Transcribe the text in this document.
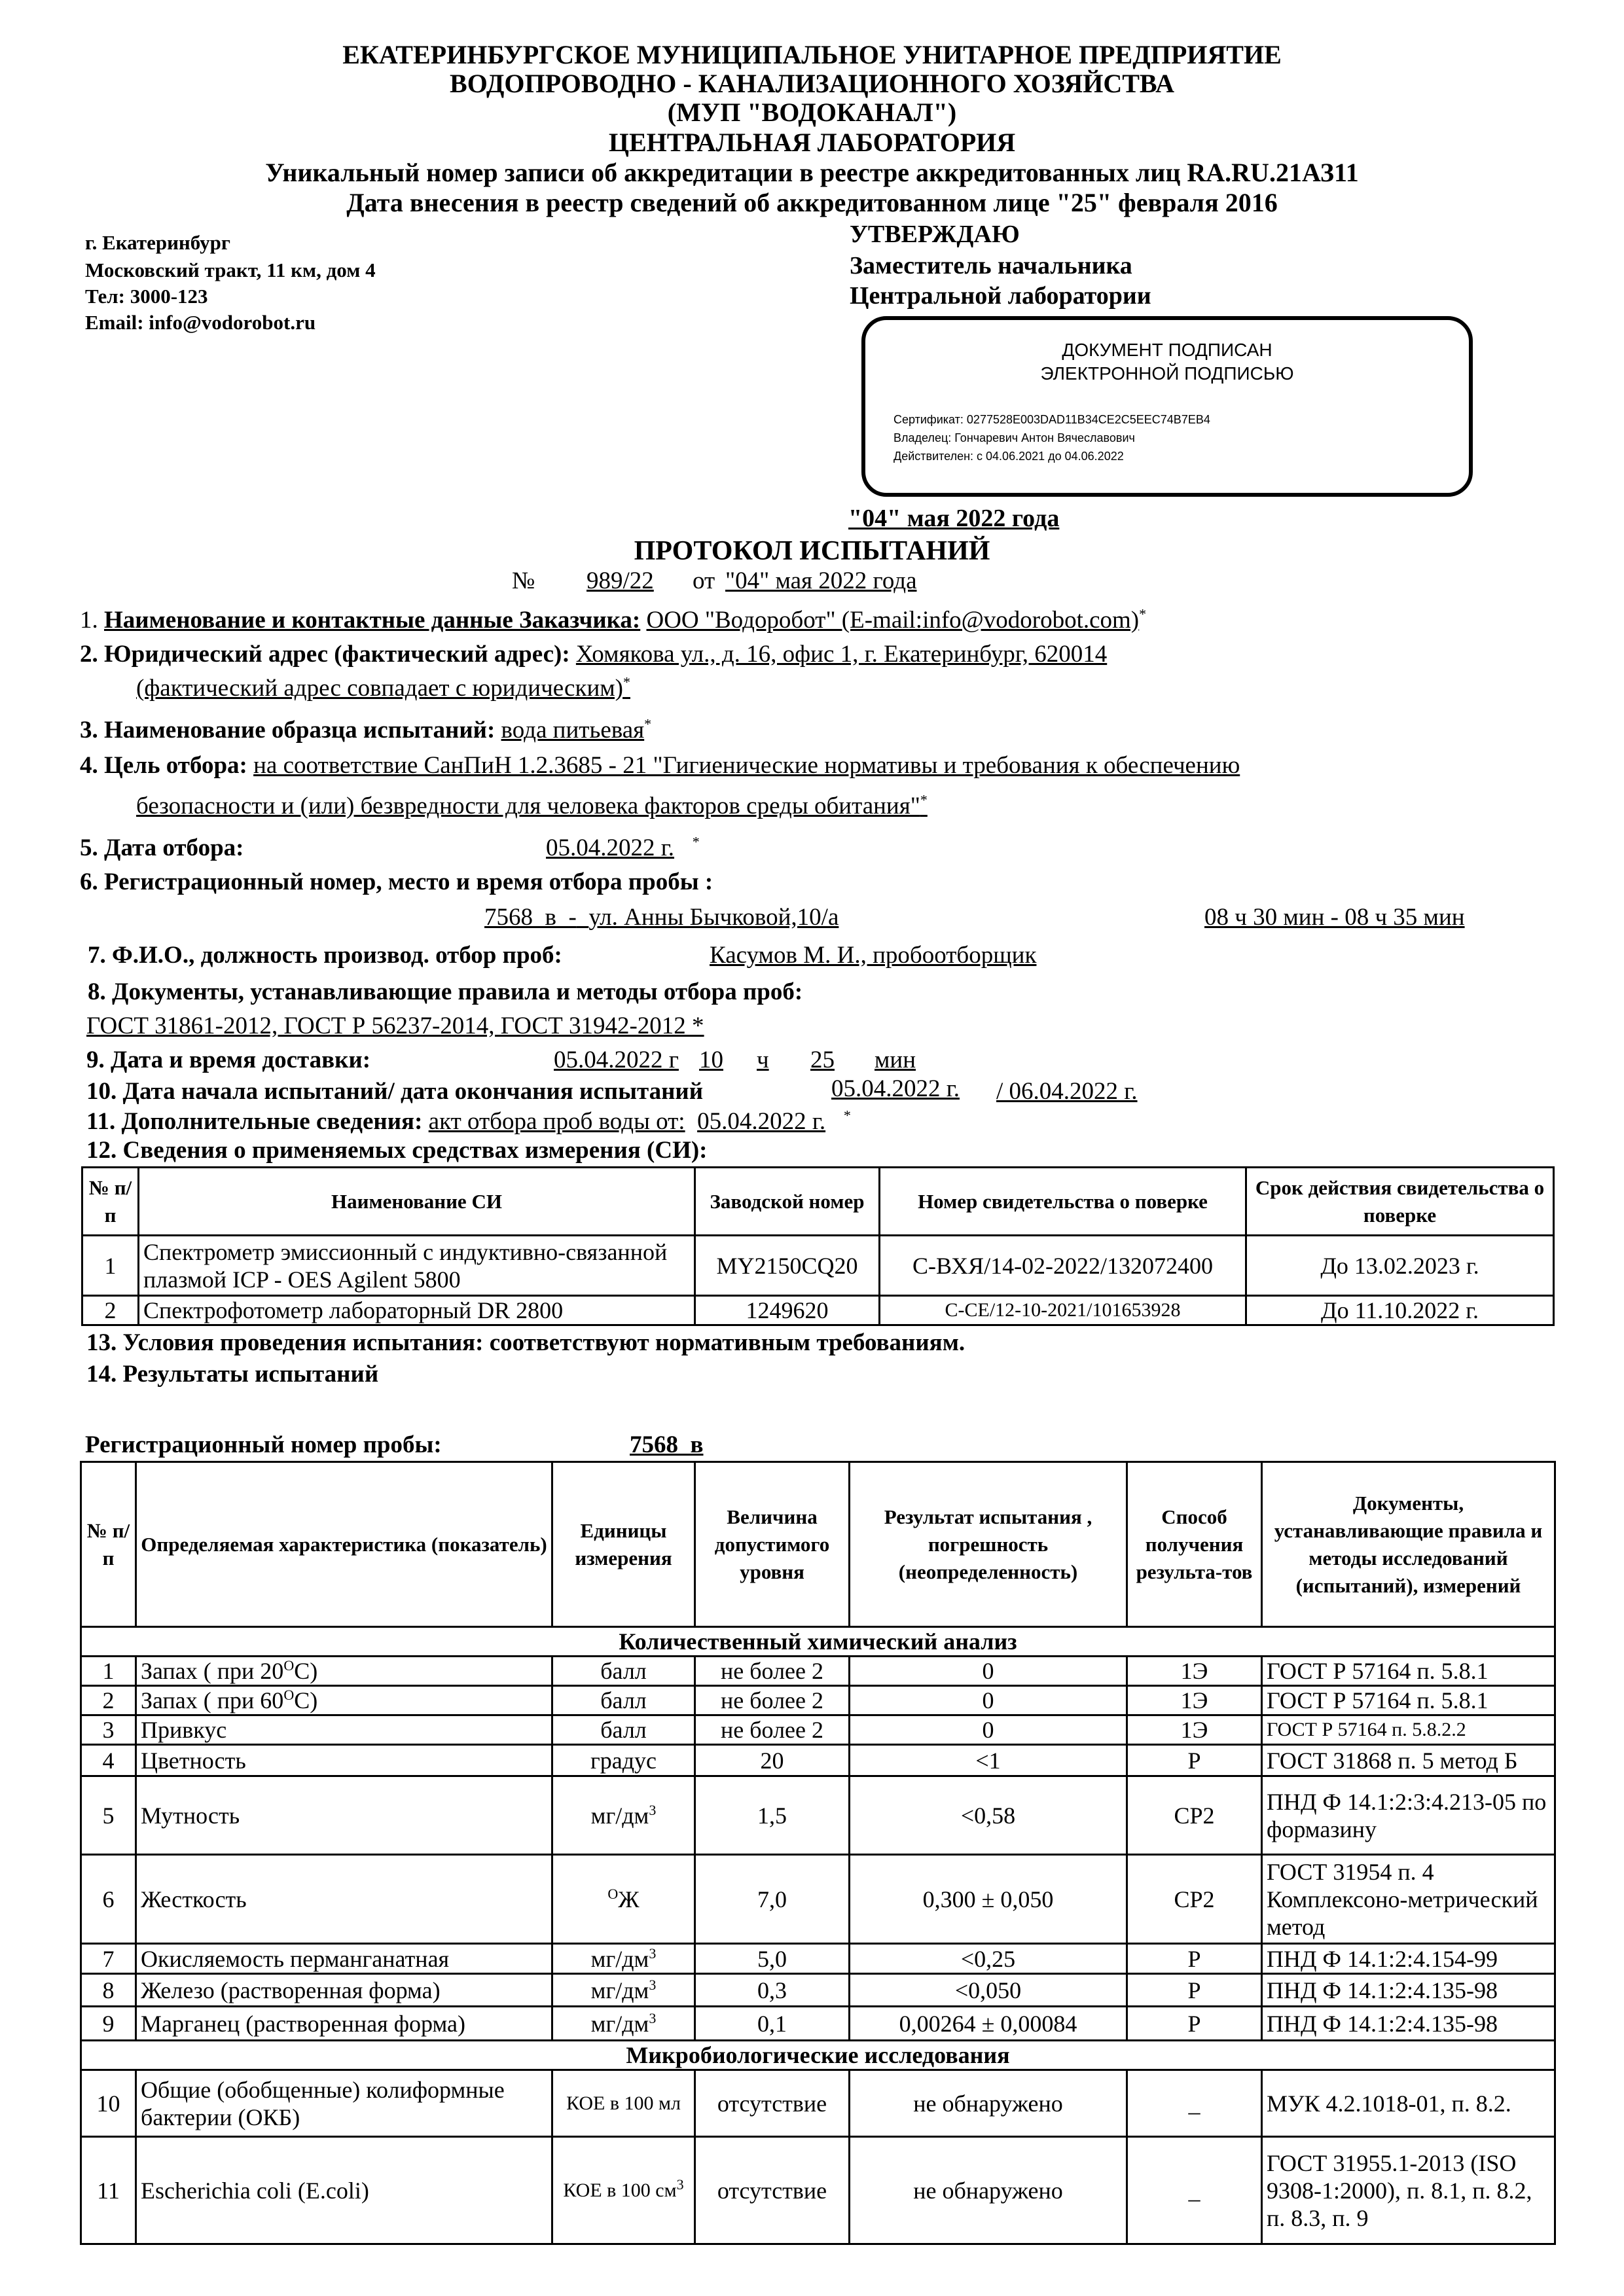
ЕКАТЕРИНБУРГСКОЕ МУНИЦИПАЛЬНОЕ УНИТАРНОЕ ПРЕДПРИЯТИЕ
ВОДОПРОВОДНО - КАНАЛИЗАЦИОННОГО ХОЗЯЙСТВА
(МУП "ВОДОКАНАЛ")
ЦЕНТРАЛЬНАЯ ЛАБОРАТОРИЯ
Уникальный номер записи об аккредитации в реестре аккредитованных лиц RA.RU.21АЗ11
Дата внесения в реестр сведений об аккредитованном лице "25" февраля 2016
г. Екатеринбург
Московский тракт, 11 км, дом 4
Тел: 3000-123
Email: info@vodorobot.ru
УТВЕРЖДАЮ
Заместитель начальника
Центральной лаборатории
ДОКУМЕНТ ПОДПИСАН
ЭЛЕКТРОННОЙ ПОДПИСЬЮ
Сертификат: 0277528E003DAD11B34CE2C5EEC74B7EB4
Владелец: Гончаревич Антон Вячеславович
Действителен: с 04.06.2021 до 04.06.2022
"04" мая 2022 года
ПРОТОКОЛ ИСПЫТАНИЙ
№ 989/22 от "04" мая 2022 года
1. Наименование и контактные данные Заказчика: ООО "Водоробот" (E-mail:info@vodorobot.com)*
2. Юридический адрес (фактический адрес): Хомякова ул., д. 16, офис 1, г. Екатеринбург, 620014
(фактический адрес совпадает с юридическим)*
3. Наименование образца испытаний: вода питьевая*
4. Цель отбора: на соответствие СанПиН 1.2.3685 - 21 "Гигиенические нормативы и требования к обеспечению
безопасности и (или) безвредности для человека факторов среды обитания"*
5. Дата отбора:	05.04.2022 г. *
6. Регистрационный номер, место и время отбора пробы :
7568 в - ул. Анны Бычковой,10/а	08 ч 30 мин - 08 ч 35 мин
7. Ф.И.О., должность производ. отбор проб:	Касумов М. И., пробоотборщик
8. Документы, устанавливающие правила и методы отбора проб:
ГОСТ 31861-2012, ГОСТ Р 56237-2014, ГОСТ 31942-2012 *
9. Дата и время доставки:	05.04.2022 г 10 ч 25 мин
10. Дата начала испытаний/ дата окончания испытаний	05.04.2022 г. / 06.04.2022 г.
11. Дополнительные сведения: акт отбора проб воды от: 05.04.2022 г. *
12. Сведения о применяемых средствах измерения (СИ):
№ п/п	Наименование СИ	Заводской номер	Номер свидетельства о поверке	Срок действия свидетельства о поверке
1	Спектрометр эмиссионный с индуктивно-связанной плазмой ICP - OES Agilent 5800	MY2150CQ20	С-ВХЯ/14-02-2022/132072400	До 13.02.2023 г.
2	Спектрофотометр лабораторный DR 2800	1249620	С-СЕ/12-10-2021/101653928	До 11.10.2022 г.
13. Условия проведения испытания: соответствуют нормативным требованиям.
14. Результаты испытаний
Регистрационный номер пробы:	7568 в
№ п/п	Определяемая характеристика (показатель)	Единицы измерения	Величина допустимого уровня	Результат испытания , погрешность (неопределенность)	Способ получения результа-тов	Документы, устанавливающие правила и методы исследований (испытаний), измерений
Количественный химический анализ						
1	Запах ( при $20^ОС$)	балл	не более 2	0	1Э	ГОСТ Р 57164 п. 5.8.1
2	Запах ( при $60^ОС$)	балл	не более 2	0	1Э	ГОСТ Р 57164 п. 5.8.1
3	Привкус	балл	не более 2	0	1Э	ГОСТ Р 57164 п. 5.8.2.2
4	Цветность	градус	20	<1	Р	ГОСТ 31868 п. 5 метод Б
5	Мутность	$мг/дм^3$	1,5	<0,58	СР2	ПНД Ф 14.1:2:3:4.213-05 по формазину
6	Жесткость	$^О$Ж	7,0	0,300 ± 0,050	СР2	ГОСТ 31954 п. 4 Комплексоно-метрический метод
7	Окисляемость перманганатная	$мг/дм^3$	5,0	<0,25	Р	ПНД Ф 14.1:2:4.154-99
8	Железо (растворенная форма)	$мг/дм^3$	0,3	<0,050	Р	ПНД Ф 14.1:2:4.135-98
9	Марганец (растворенная форма)	$мг/дм^3$	0,1	0,00264 ± 0,00084	Р	ПНД Ф 14.1:2:4.135-98
Микробиологические исследования						
10	Общие (обобщенные) колиформные бактерии (ОКБ)	КОЕ в 100 мл	отсутствие	не обнаружено	_	МУК 4.2.1018-01, п. 8.2.
11	Escherichia coli (E.coli)	КОЕ в 100 $см^3$	отсутствие	не обнаружено	_	ГОСТ 31955.1-2013 (ISO 9308-1:2000), п. 8.1, п. 8.2, п. 8.3, п. 9
